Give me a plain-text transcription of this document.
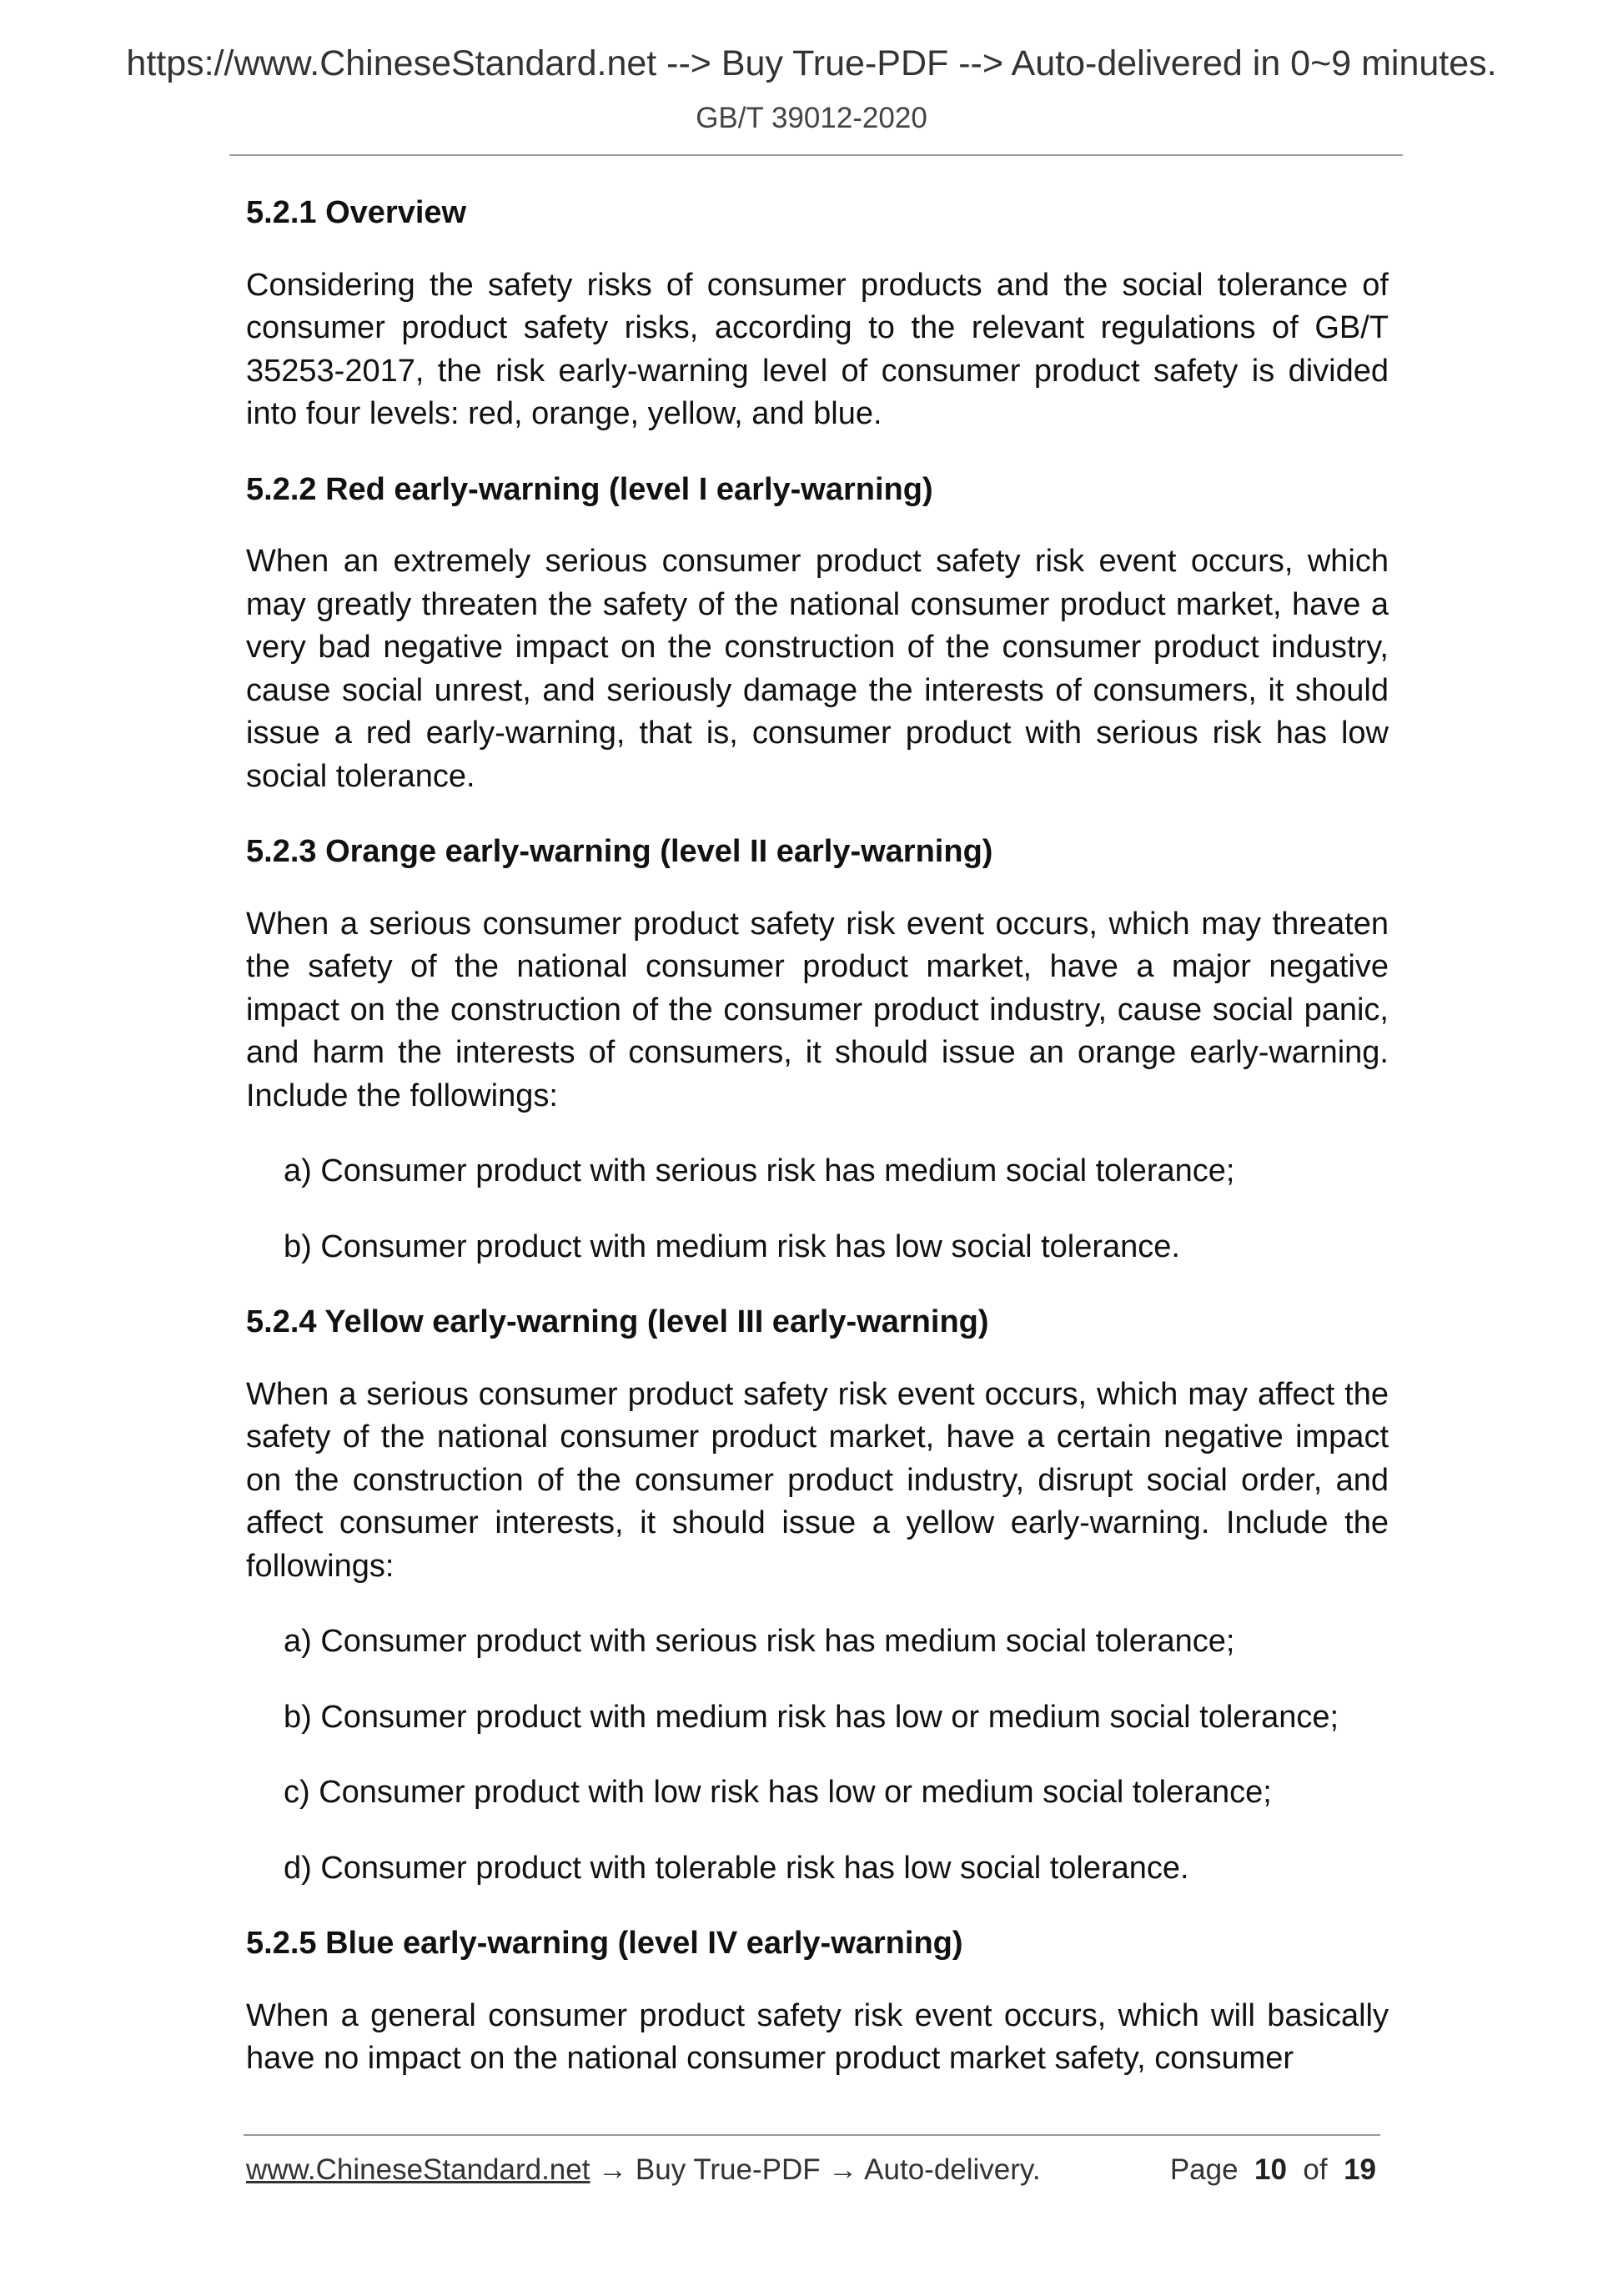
https://www.ChineseStandard.net --> Buy True-PDF --> Auto-delivered in 0~9 minutes.
GB/T 39012-2020
5.2.1 Overview

Considering the safety risks of consumer products and the social tolerance of consumer product safety risks, according to the relevant regulations of GB/T 35253-2017, the risk early-warning level of consumer product safety is divided into four levels: red, orange, yellow, and blue.

5.2.2 Red early-warning (level I early-warning)

When an extremely serious consumer product safety risk event occurs, which may greatly threaten the safety of the national consumer product market, have a very bad negative impact on the construction of the consumer product industry, cause social unrest, and seriously damage the interests of consumers, it should issue a red early-warning, that is, consumer product with serious risk has low social tolerance.

5.2.3 Orange early-warning (level II early-warning)

When a serious consumer product safety risk event occurs, which may threaten the safety of the national consumer product market, have a major negative impact on the construction of the consumer product industry, cause social panic, and harm the interests of consumers, it should issue an orange early-warning. Include the followings:

a) Consumer product with serious risk has medium social tolerance;

b) Consumer product with medium risk has low social tolerance.

5.2.4 Yellow early-warning (level III early-warning)

When a serious consumer product safety risk event occurs, which may affect the safety of the national consumer product market, have a certain negative impact on the construction of the consumer product industry, disrupt social order, and affect consumer interests, it should issue a yellow early-warning. Include the followings:

a) Consumer product with serious risk has medium social tolerance;

b) Consumer product with medium risk has low or medium social tolerance;

c) Consumer product with low risk has low or medium social tolerance;

d) Consumer product with tolerable risk has low social tolerance.

5.2.5 Blue early-warning (level IV early-warning)

When a general consumer product safety risk event occurs, which will basically have no impact on the national consumer product market safety, consumer

www.ChineseStandard.net → Buy True-PDF → Auto-delivery.	Page 10 of 19
